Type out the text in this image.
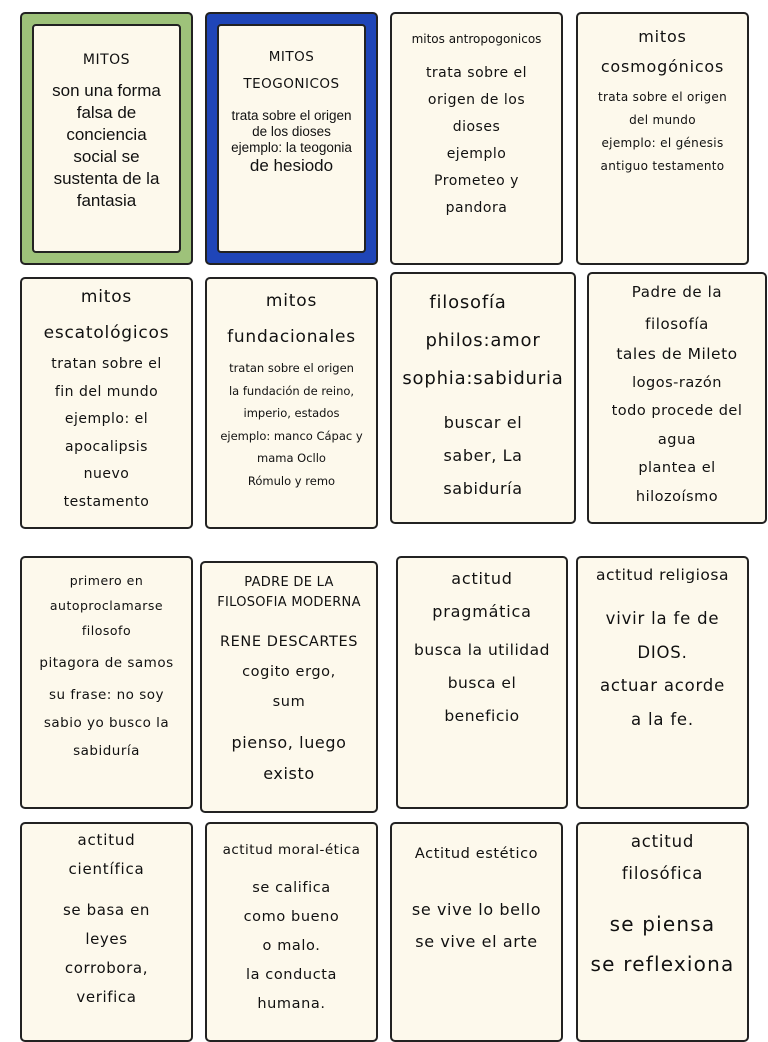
MITOS

son una forma

falsa de

conciencia

social se

sustenta de la

fantasia

MITOS

TEOGONICOS

trata sobre el origen

de los dioses

ejemplo: la teogonia

de hesiodo

mitos antropogonicos

trata sobre el

origen de los

dioses

ejemplo

Prometeo y

pandora

mitos

cosmogónicos

trata sobre el origen

del mundo

ejemplo: el génesis

antiguo testamento

mitos

escatológicos

tratan sobre el

fin del mundo

ejemplo: el

apocalipsis

nuevo

testamento

mitos

fundacionales

tratan sobre el origen

la fundación de reino,

imperio, estados

ejemplo: manco Cápac y

mama Ocllo

Rómulo y remo

filosofía

philos:amor

sophia:sabiduria

buscar el

saber, La

sabiduría

Padre de la

filosofía

tales de Mileto

logos-razón

todo procede del

agua

plantea el

hilozoísmo

primero en

autoproclamarse

filosofo

pitagora de samos

su frase: no soy

sabio yo busco la

sabiduría

PADRE DE LA

FILOSOFIA MODERNA

RENE DESCARTES

cogito ergo,

sum

pienso, luego

existo

actitud

pragmática

busca la utilidad

busca el

beneficio

actitud religiosa

vivir la fe de

DIOS.

actuar acorde

a la fe.

actitud

científica

se basa en

leyes

corrobora,

verifica

actitud moral-ética

se califica

como bueno

o malo.

la conducta

humana.

Actitud estético

se vive lo bello

se vive el arte

actitud

filosófica

se piensa

se reflexiona
